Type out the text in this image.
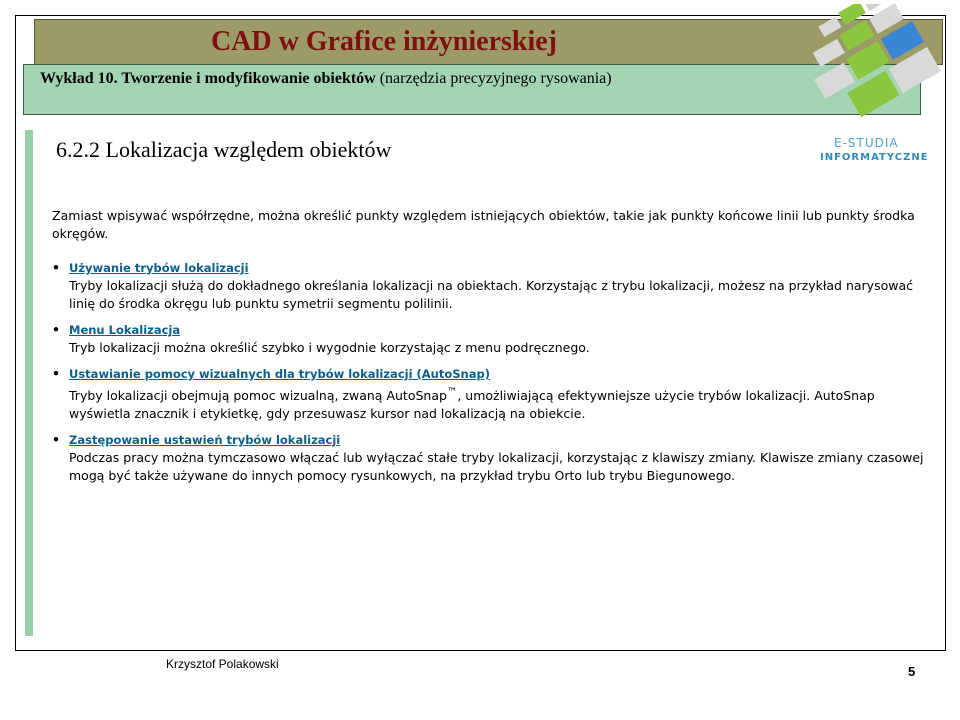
CAD w Grafice inżynierskiej
Wykład 10. Tworzenie i modyfikowanie obiektów (narzędzia precyzyjnego rysowania)
E-STUDIA
INFORMATYCZNE
6.2.2 Lokalizacja względem obiektów

Zamiast wpisywać współrzędne, można określić punkty względem istniejących obiektów, takie jak punkty końcowe linii lub punkty środka okręgów.

• Używanie trybów lokalizacji
Tryby lokalizacji służą do dokładnego określania lokalizacji na obiektach. Korzystając z trybu lokalizacji, możesz na przykład narysować linię do środka okręgu lub punktu symetrii segmentu polilinii.
• Menu Lokalizacja
Tryb lokalizacji można określić szybko i wygodnie korzystając z menu podręcznego.
• Ustawianie pomocy wizualnych dla trybów lokalizacji (AutoSnap)
Tryby lokalizacji obejmują pomoc wizualną, zwaną AutoSnap™, umożliwiającą efektywniejsze użycie trybów lokalizacji. AutoSnap wyświetla znacznik i etykietkę, gdy przesuwasz kursor nad lokalizacją na obiekcie.
• Zastępowanie ustawień trybów lokalizacji
Podczas pracy można tymczasowo włączać lub wyłączać stałe tryby lokalizacji, korzystając z klawiszy zmiany. Klawisze zmiany czasowej mogą być także używane do innych pomocy rysunkowych, na przykład trybu Orto lub trybu Biegunowego.
Krzysztof Polakowski	5
